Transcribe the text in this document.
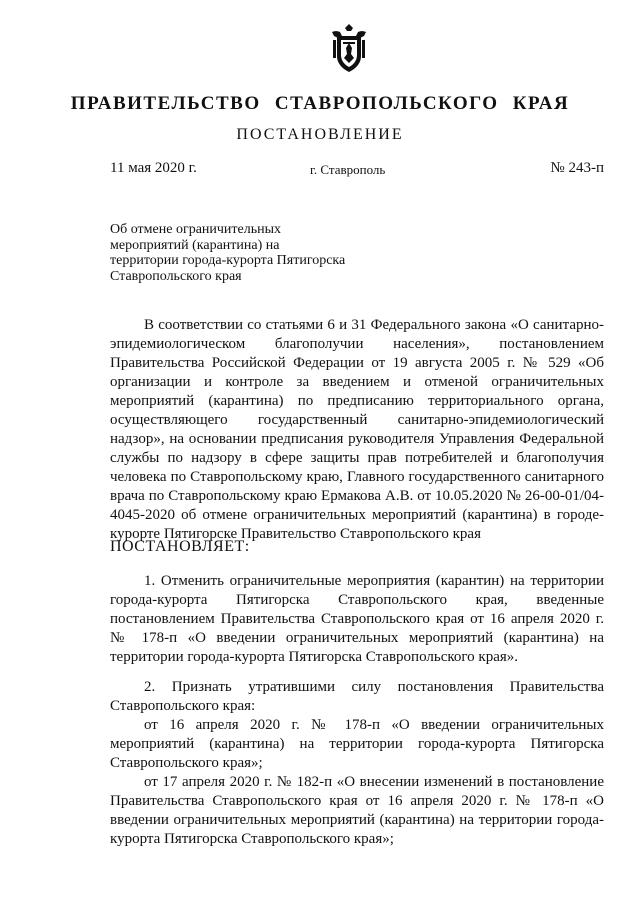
ПРАВИТЕЛЬСТВО СТАВРОПОЛЬСКОГО КРАЯ
ПОСТАНОВЛЕНИЕ
11 мая 2020 г.	г. Ставрополь	№ 243-п
Об отмене ограничительных мероприятий (карантина) на территории города-курорта Пятигорска Ставропольского края

В соответствии со статьями 6 и 31 Федерального закона «О санитарно-эпидемиологическом благополучии населения», постановлением Правительства Российской Федерации от 19 августа 2005 г. № 529 «Об организации и контроле за введением и отменой ограничительных мероприятий (карантина) по предписанию территориального органа, осуществляющего государственный санитарно-эпидемиологический надзор», на основании предписания руководителя Управления Федеральной службы по надзору в сфере защиты прав потребителей и благополучия человека по Ставропольскому краю, Главного государственного санитарного врача по Ставропольскому краю Ермакова А.В. от 10.05.2020 № 26-00-01/04-4045-2020 об отмене ограничительных мероприятий (карантина) в городе-курорте Пятигорске Правительство Ставропольского края

ПОСТАНОВЛЯЕТ:

1. Отменить ограничительные мероприятия (карантин) на территории города-курорта Пятигорска Ставропольского края, введенные постановлением Правительства Ставропольского края от 16 апреля 2020 г. № 178-п «О введении ограничительных мероприятий (карантина) на территории города-курорта Пятигорска Ставропольского края».

2. Признать утратившими силу постановления Правительства Ставропольского края:

от 16 апреля 2020 г. № 178-п «О введении ограничительных мероприятий (карантина) на территории города-курорта Пятигорска Ставропольского края»;

от 17 апреля 2020 г. № 182-п «О внесении изменений в постановление Правительства Ставропольского края от 16 апреля 2020 г. № 178-п «О введении ограничительных мероприятий (карантина) на территории города-курорта Пятигорска Ставропольского края»;
